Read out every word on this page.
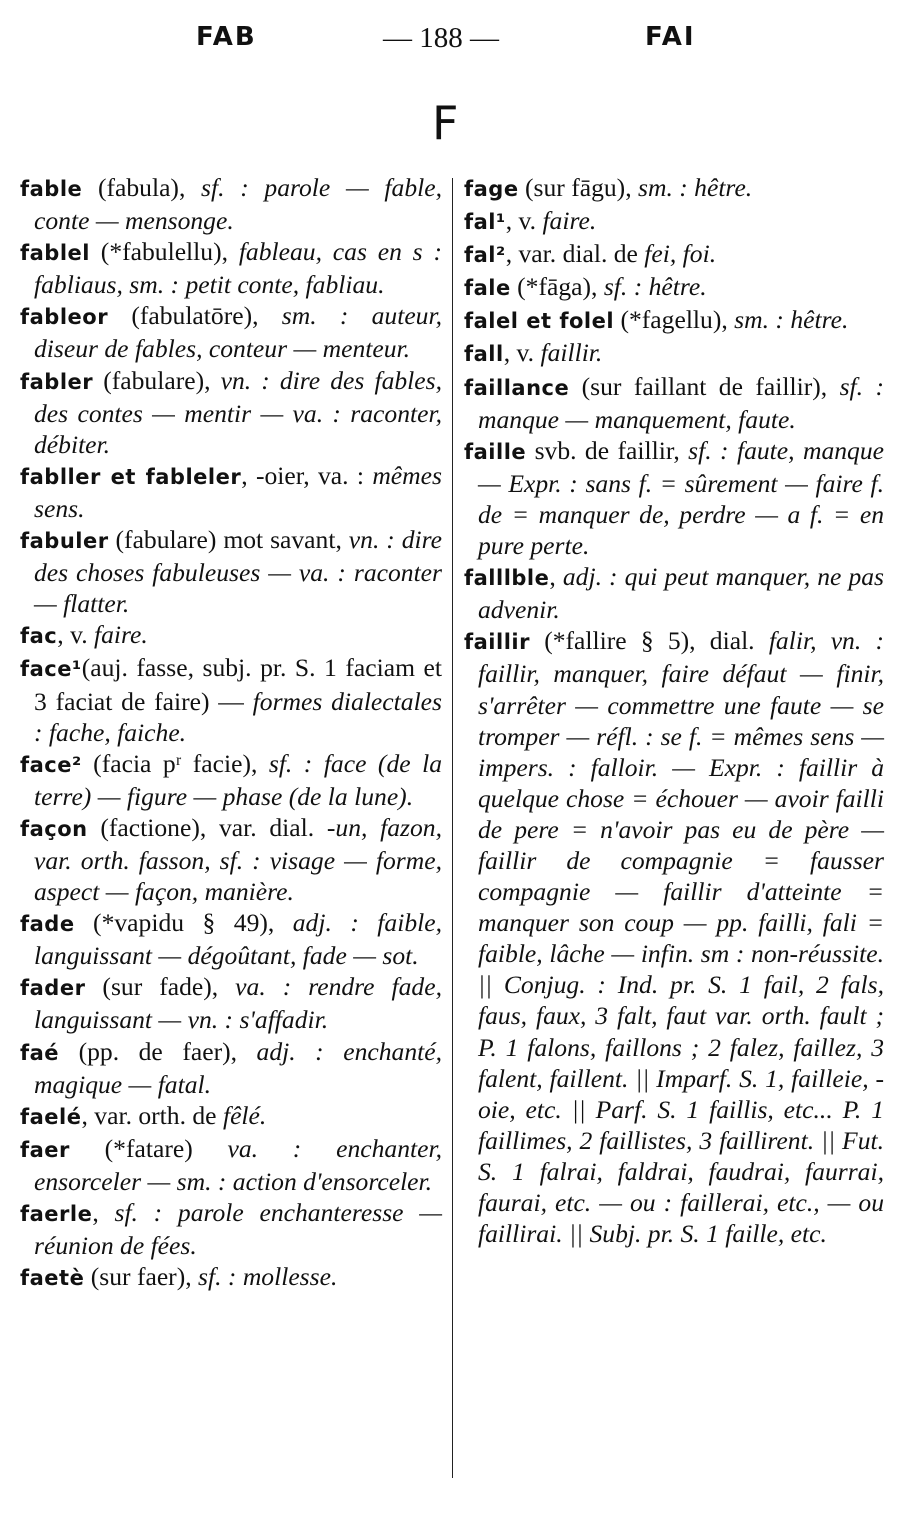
FAB	— 188 —	FAI
F

fable (fabula), sf. : parole — fable, conte — mensonge.

fablel (*fabulellu), fableau, cas en s : fabliaus, sm. : petit conte, fabliau.

fableor (fabulatōre), sm. : auteur, diseur de fables, conteur — menteur.

fabler (fabulare), vn. : dire des fables, des contes — mentir — va. : raconter, débiter.

fabller et fableler, -oier, va. : mêmes sens.

fabuler (fabulare) mot savant, vn. : dire des choses fabuleuses — va. : raconter — flatter.

fac, v. faire.

face¹(auj. fasse, subj. pr. S. 1 faciam et 3 faciat de faire) — formes dialectales : fache, faiche.

face² (facia pʳ facie), sf. : face (de la terre) — figure — phase (de la lune).

façon (factione), var. dial. -un, fazon, var. orth. fasson, sf. : visage — forme, aspect — façon, manière.

fade (*vapidu § 49), adj. : faible, languissant — dégoûtant, fade — sot.

fader (sur fade), va. : rendre fade, languissant — vn. : s'affadir.

faé (pp. de faer), adj. : enchanté, magique — fatal.

faelé, var. orth. de fêlé.

faer (*fatare) va. : enchanter, ensorceler — sm. : action d'ensorceler.

faerle, sf. : parole enchanteresse — réunion de fées.

faetè (sur faer), sf. : mollesse.

fage (sur fāgu), sm. : hêtre.

fal¹, v. faire.

fal², var. dial. de fei, foi.

fale (*fāga), sf. : hêtre.

falel et folel (*fagellu), sm. : hêtre.

fall, v. faillir.

faillance (sur faillant de faillir), sf. : manque — manquement, faute.

faille svb. de faillir, sf. : faute, manque — Expr. : sans f. = sûrement — faire f. de = manquer de, perdre — a f. = en pure perte.

falllble, adj. : qui peut manquer, ne pas advenir.

faillir (*fallire § 5), dial. falir, vn. : faillir, manquer, faire défaut — finir, s'arrêter — commettre une faute — se tromper — réfl. : se f. = mêmes sens — impers. : falloir. — Expr. : faillir à quelque chose = échouer — avoir failli de pere = n'avoir pas eu de père — faillir de compagnie = fausser compagnie — faillir d'atteinte = manquer son coup — pp. failli, fali = faible, lâche — infin. sm : non-réussite. || Conjug. : Ind. pr. S. 1 fail, 2 fals, faus, faux, 3 falt, faut var. orth. fault ; P. 1 falons, faillons ; 2 falez, faillez, 3 falent, faillent. || Imparf. S. 1, failleie, -oie, etc. || Parf. S. 1 faillis, etc... P. 1 faillimes, 2 faillistes, 3 faillirent. || Fut. S. 1 falrai, faldrai, faudrai, faurrai, faurai, etc. — ou : faillerai, etc., — ou faillirai. || Subj. pr. S. 1 faille, etc.
